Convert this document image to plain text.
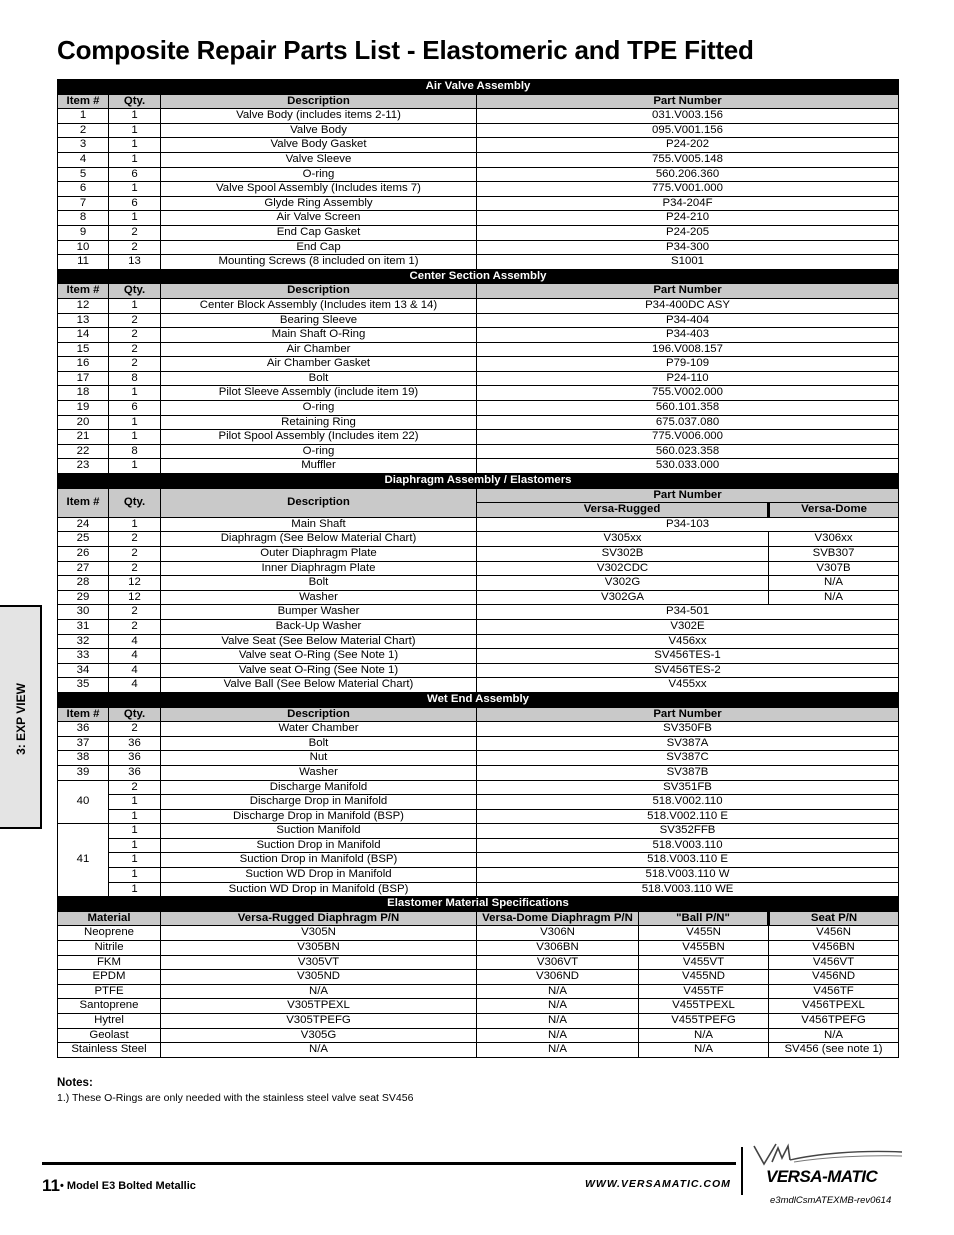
Composite Repair Parts List - Elastomeric and TPE Fitted
3: EXP VIEW
Air Valve Assembly					
Item #	Qty.	Description	Part Number		
1	1	Valve Body (includes items 2-11)	031.V003.156		
2	1	Valve Body	095.V001.156		
3	1	Valve Body Gasket	P24-202		
4	1	Valve Sleeve	755.V005.148		
5	6	O-ring	560.206.360		
6	1	Valve Spool Assembly (Includes items 7)	775.V001.000		
7	6	Glyde Ring Assembly	P34-204F		
8	1	Air Valve Screen	P24-210		
9	2	End Cap Gasket	P24-205		
10	2	End Cap	P34-300		
11	13	Mounting Screws (8 included on item 1)	S1001		
Center Section Assembly					
Item #	Qty.	Description	Part Number		
12	1	Center Block Assembly (Includes item 13 & 14)	P34-400DC ASY		
13	2	Bearing Sleeve	P34-404		
14	2	Main Shaft O-Ring	P34-403		
15	2	Air Chamber	196.V008.157		
16	2	Air Chamber Gasket	P79-109		
17	8	Bolt	P24-110		
18	1	Pilot Sleeve Assembly (include item 19)	755.V002.000		
19	6	O-ring	560.101.358		
20	1	Retaining Ring	675.037.080		
21	1	Pilot Spool Assembly (Includes item 22)	775.V006.000		
22	8	O-ring	560.023.358		
23	1	Muffler	530.033.000		
Diaphragm Assembly / Elastomers					
Item #	Qty.	Description	Part Number		
			Versa-Rugged		Versa-Dome
24	1	Main Shaft	P34-103		
25	2	Diaphragm (See Below Material Chart)	V305xx		V306xx
26	2	Outer Diaphragm Plate	SV302B		SVB307
27	2	Inner Diaphragm Plate	V302CDC		V307B
28	12	Bolt	V302G		N/A
29	12	Washer	V302GA		N/A
30	2	Bumper Washer	P34-501		
31	2	Back-Up Washer	V302E		
32	4	Valve Seat (See Below Material Chart)	V456xx		
33	4	Valve seat O-Ring (See Note 1)	SV456TES-1		
34	4	Valve seat O-Ring (See Note 1)	SV456TES-2		
35	4	Valve Ball (See Below Material Chart)	V455xx		
Wet End Assembly					
Item #	Qty.	Description	Part Number		
36	2	Water Chamber	SV350FB		
37	36	Bolt	SV387A		
38	36	Nut	SV387C		
39	36	Washer	SV387B		
40	2	Discharge Manifold	SV351FB		
	1	Discharge Drop in Manifold	518.V002.110		
	1	Discharge Drop in Manifold (BSP)	518.V002.110 E		
41	1	Suction Manifold	SV352FFB		
	1	Suction Drop in Manifold	518.V003.110		
	1	Suction Drop in Manifold (BSP)	518.V003.110 E		
	1	Suction WD Drop in Manifold	518.V003.110 W		
	1	Suction WD Drop in Manifold (BSP)	518.V003.110 WE		
Elastomer Material Specifications					
Material		Versa-Rugged Diaphragm P/N	Versa-Dome Diaphragm P/N	"Ball P/N"	Seat P/N
Neoprene		V305N	V306N	V455N	V456N
Nitrile		V305BN	V306BN	V455BN	V456BN
FKM		V305VT	V306VT	V455VT	V456VT
EPDM		V305ND	V306ND	V455ND	V456ND
PTFE		N/A	N/A	V455TF	V456TF
Santoprene		V305TPEXL	N/A	V455TPEXL	V456TPEXL
Hytrel		V305TPEFG	N/A	V455TPEFG	V456TPEFG
Geolast		V305G	N/A	N/A	N/A
Stainless Steel		N/A	N/A	N/A	SV456 (see note 1)
Notes:
1.) These O-Rings are only needed with the stainless steel valve seat SV456
11 • Model E3 Bolted Metallic	WWW.VERSAMATIC.COM VERSA-MATIC
e3mdlCsmATEXMB-rev0614
